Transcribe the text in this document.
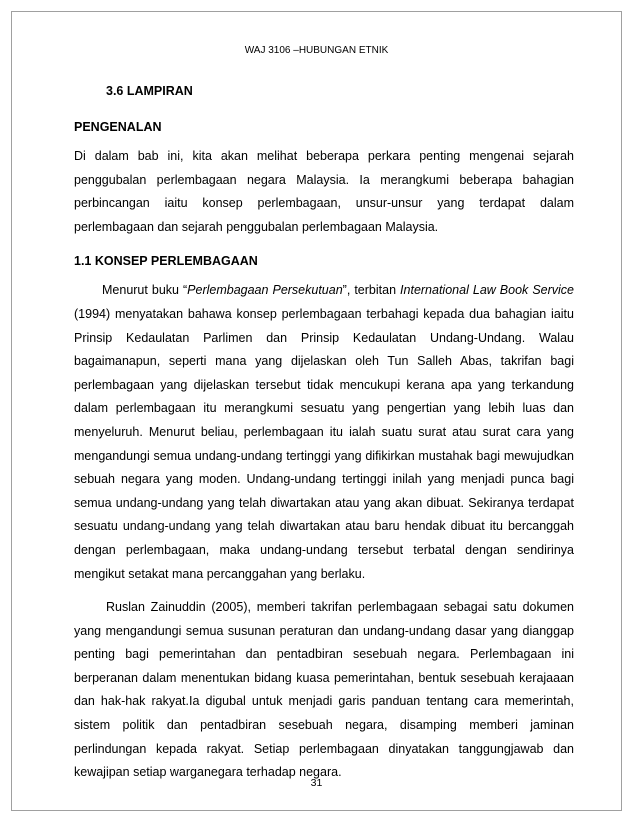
WAJ 3106 –HUBUNGAN ETNIK
3.6 LAMPIRAN
PENGENALAN

Di dalam bab ini, kita akan melihat beberapa perkara penting mengenai sejarah penggubalan perlembagaan negara Malaysia. Ia merangkumi beberapa bahagian perbincangan iaitu konsep perlembagaan, unsur-unsur yang terdapat dalam perlembagaan dan sejarah penggubalan perlembagaan Malaysia.

1.1 KONSEP PERLEMBAGAAN

Menurut buku “Perlembagaan Persekutuan”, terbitan International Law Book Service (1994) menyatakan bahawa konsep perlembagaan terbahagi kepada dua bahagian iaitu Prinsip Kedaulatan Parlimen dan Prinsip Kedaulatan Undang-Undang. Walau bagaimanapun, seperti mana yang dijelaskan oleh Tun Salleh Abas, takrifan bagi perlembagaan yang dijelaskan tersebut tidak mencukupi kerana apa yang terkandung dalam perlembagaan itu merangkumi sesuatu yang pengertian yang lebih luas dan menyeluruh. Menurut beliau, perlembagaan itu ialah suatu surat atau surat cara yang mengandungi semua undang-undang tertinggi yang difikirkan mustahak bagi mewujudkan sebuah negara yang moden. Undang-undang tertinggi inilah yang menjadi punca bagi semua undang-undang yang telah diwartakan atau yang akan dibuat. Sekiranya terdapat sesuatu undang-undang yang telah diwartakan atau baru hendak dibuat itu bercanggah dengan perlembagaan, maka undang-undang tersebut terbatal dengan sendirinya mengikut setakat mana percanggahan yang berlaku.

Ruslan Zainuddin (2005), memberi takrifan perlembagaan sebagai satu dokumen yang mengandungi semua susunan peraturan dan undang-undang dasar yang dianggap penting bagi pemerintahan dan pentadbiran sesebuah negara. Perlembagaan ini berperanan dalam menentukan bidang kuasa pemerintahan, bentuk sesebuah kerajaaan dan hak-hak rakyat.Ia digubal untuk menjadi garis panduan tentang cara memerintah, sistem politik dan pentadbiran sesebuah negara, disamping memberi jaminan perlindungan kepada rakyat. Setiap perlembagaan dinyatakan tanggungjawab dan kewajipan setiap warganegara terhadap negara.

31
